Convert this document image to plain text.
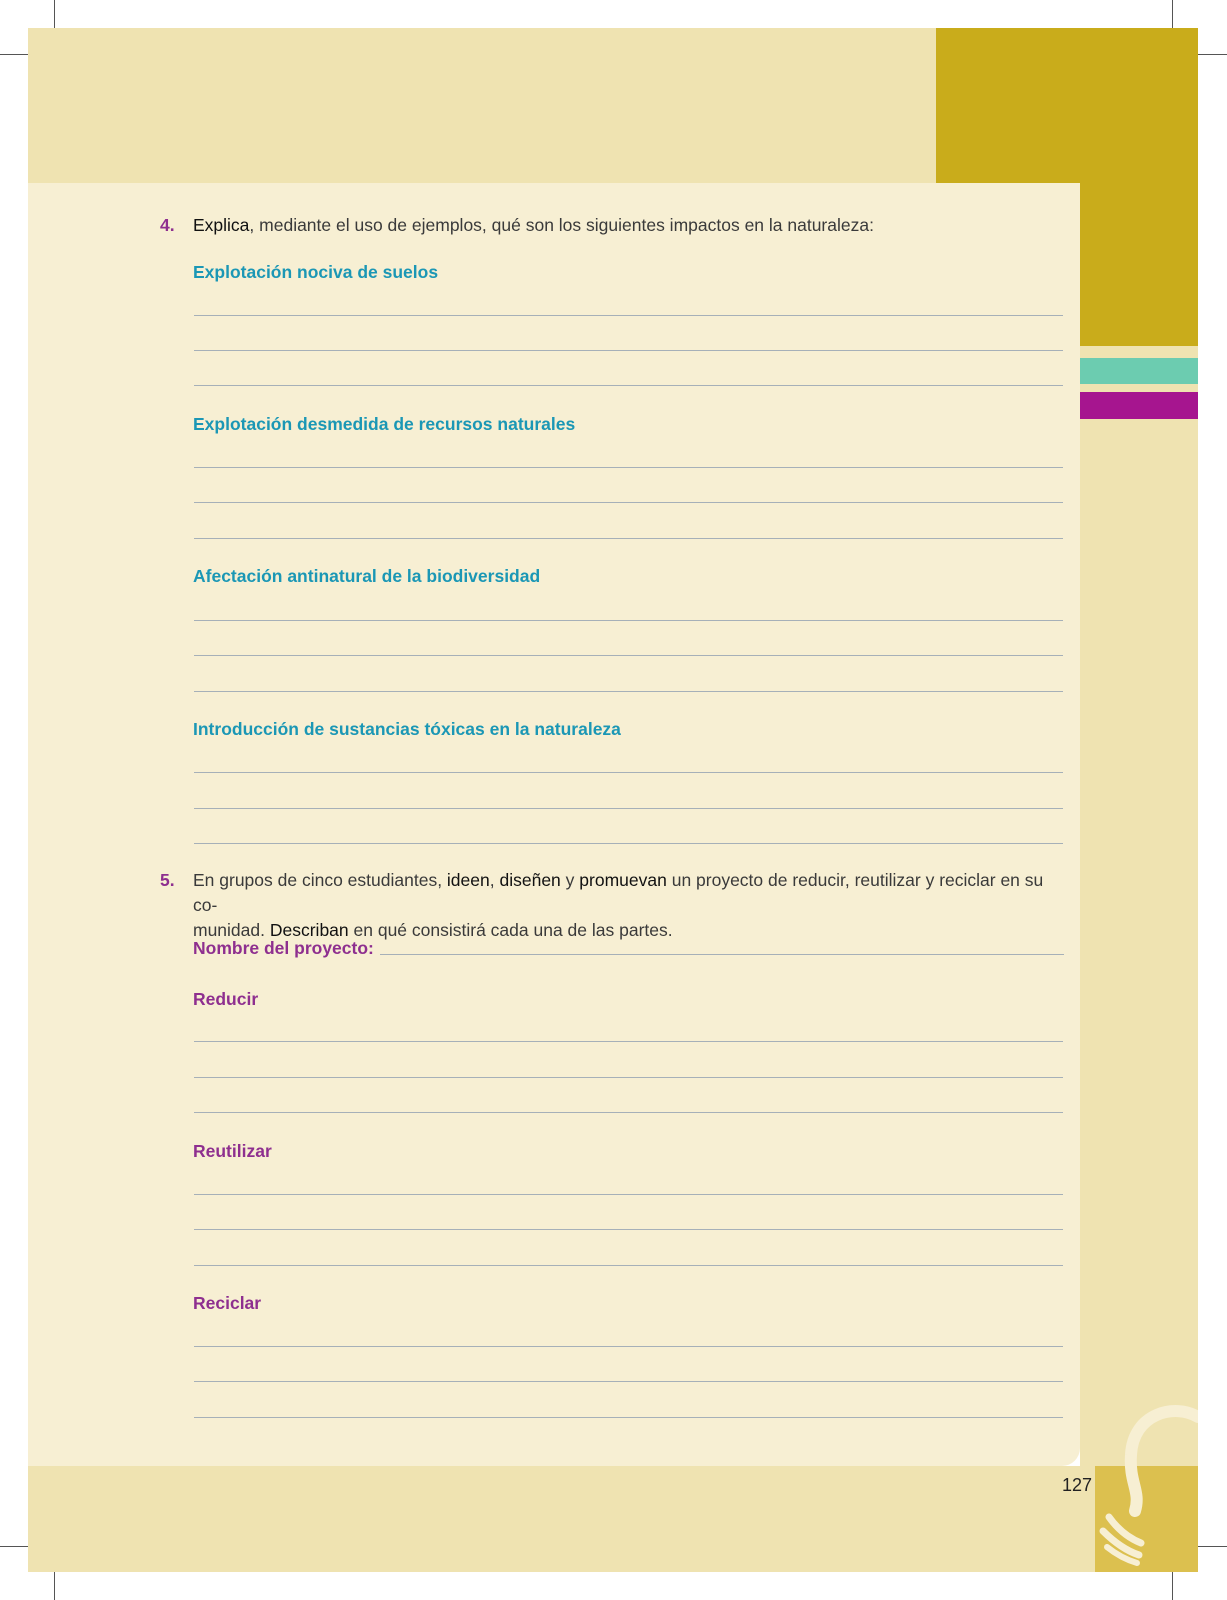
4. Explica, mediante el uso de ejemplos, qué son los siguientes impactos en la naturaleza:
Explotación nociva de suelos
Explotación desmedida de recursos naturales
Afectación antinatural de la biodiversidad
Introducción de sustancias tóxicas en la naturaleza
5. En grupos de cinco estudiantes, ideen, diseñen y promuevan un proyecto de reducir, reutilizar y reciclar en su co-
munidad. Describan en qué consistirá cada una de las partes.
Nombre del proyecto:
Reducir
Reutilizar
Reciclar
127
